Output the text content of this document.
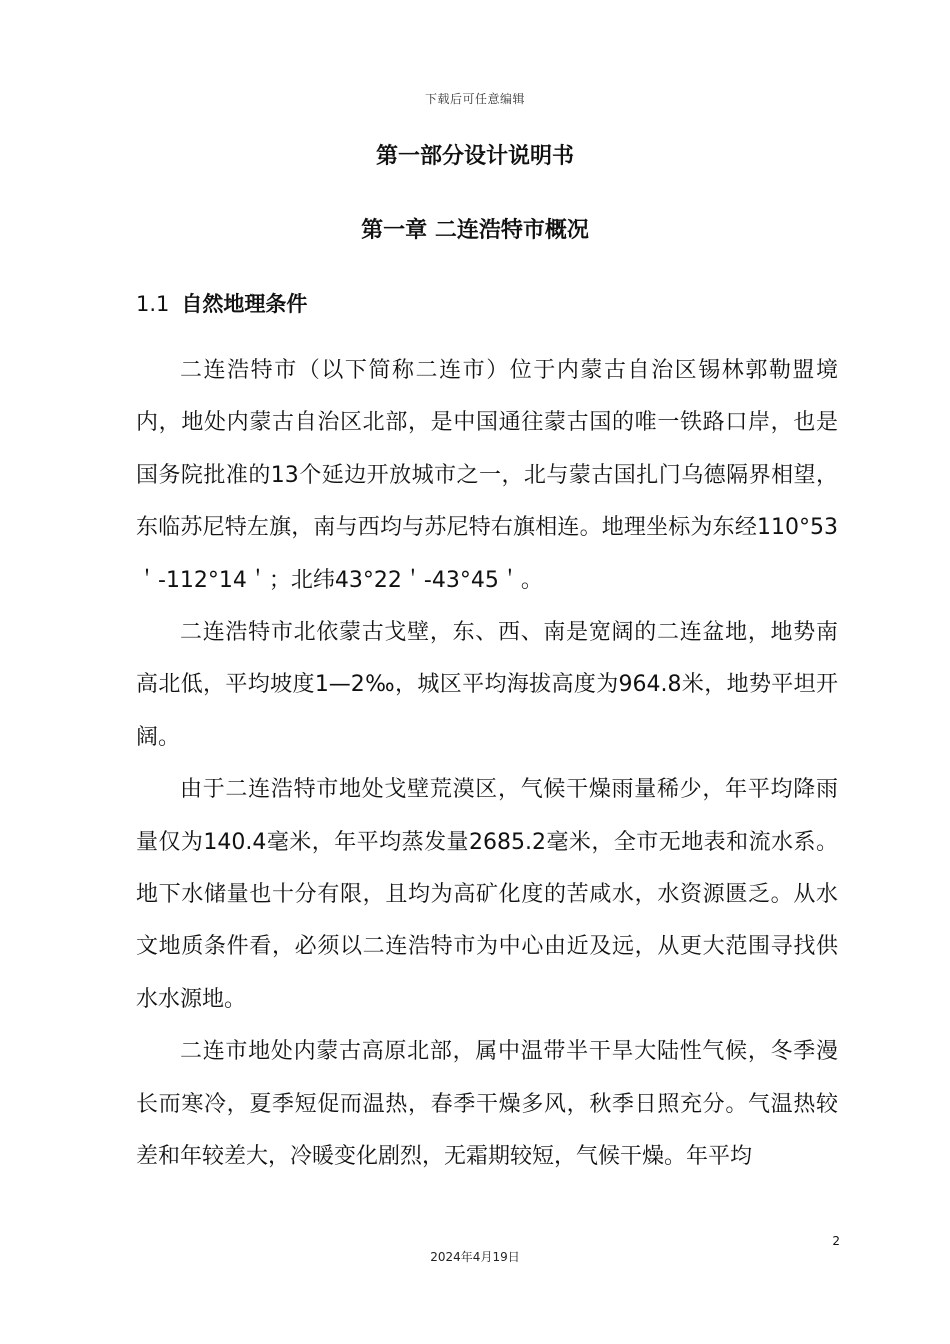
下载后可任意编辑
第一部分设计说明书
第一章 二连浩特市概况
1.1 自然地理条件

二连浩特市（以下简称二连市）位于内蒙古自治区锡林郭勒盟境内，地处内蒙古自治区北部，是中国通往蒙古国的唯一铁路口岸，也是国务院批准的13个延边开放城市之一，北与蒙古国扎门乌德隔界相望，东临苏尼特左旗，南与西均与苏尼特右旗相连。地理坐标为东经110°53＇-112°14＇；北纬43°22＇-43°45＇。

二连浩特市北依蒙古戈壁，东、西、南是宽阔的二连盆地，地势南高北低，平均坡度1—2‰，城区平均海拔高度为964.8米，地势平坦开阔。

由于二连浩特市地处戈壁荒漠区，气候干燥雨量稀少，年平均降雨量仅为140.4毫米，年平均蒸发量2685.2毫米，全市无地表和流水系。地下水储量也十分有限，且均为高矿化度的苦咸水，水资源匮乏。从水文地质条件看，必须以二连浩特市为中心由近及远，从更大范围寻找供水水源地。

二连市地处内蒙古高原北部，属中温带半干旱大陆性气候，冬季漫长而寒冷，夏季短促而温热，春季干燥多风，秋季日照充分。气温热较差和年较差大，冷暖变化剧烈，无霜期较短，气候干燥。年平均

2
2024年4月19日
